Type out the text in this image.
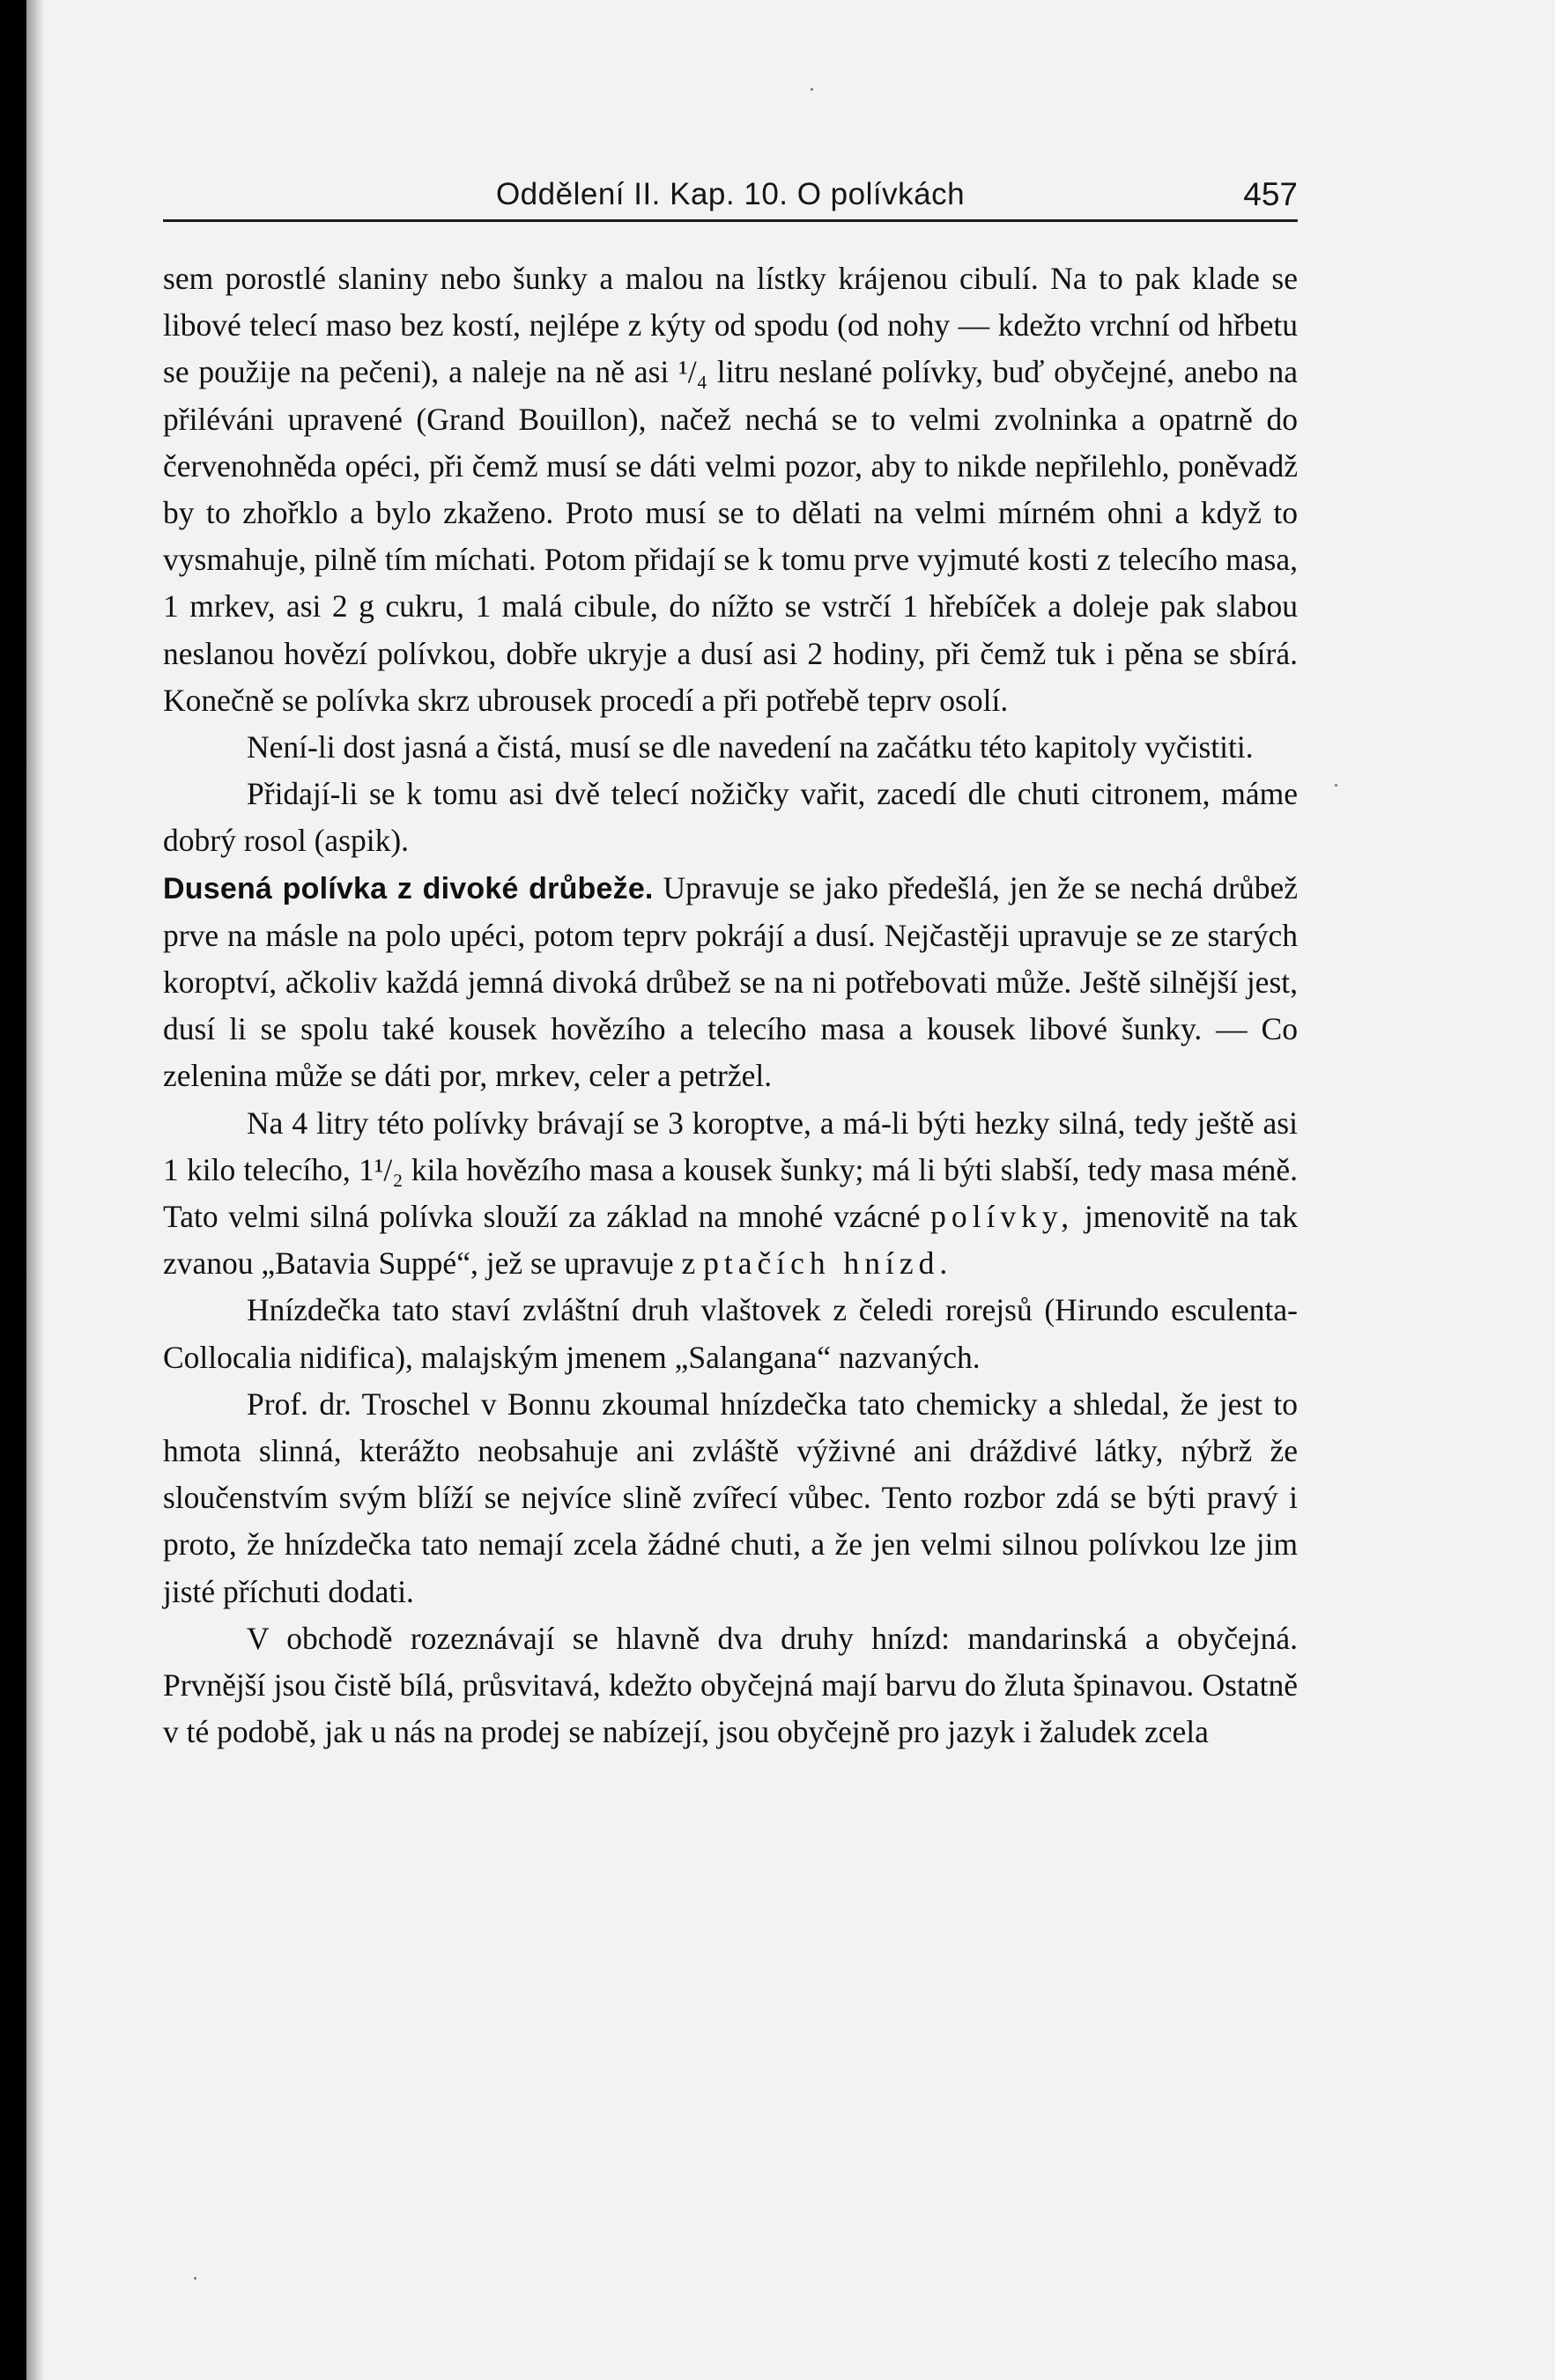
Oddělení II. Kap. 10. O polívkách	457

sem porostlé slaniny nebo šunky a malou na lístky krájenou cibulí. Na to pak klade se libové telecí maso bez kostí, nejlépe z kýty od spodu (od nohy — kdežto vrchní od hřbetu se použije na pečeni), a naleje na ně asi ¹/₄ litru neslané polívky, buď obyčejné, anebo na přiléváni upravené (Grand Bouillon), načež nechá se to velmi zvolninka a opatrně do červenohněda opéci, při čemž musí se dáti velmi pozor, aby to nikde nepřilehlo, poněvadž by to zhořklo a bylo zkaženo. Proto musí se to dělati na velmi mírném ohni a když to vysmahuje, pilně tím míchati. Potom přidají se k tomu prve vyjmuté kosti z telecího masa, 1 mrkev, asi 2 g cukru, 1 malá cibule, do nížto se vstrčí 1 hřebíček a doleje pak slabou neslanou hovězí polívkou, dobře ukryje a dusí asi 2 hodiny, při čemž tuk i pěna se sbírá. Konečně se polívka skrz ubrousek procedí a při potřebě teprv osolí.

Není-li dost jasná a čistá, musí se dle navedení na začátku této kapitoly vyčistiti.

Přidají-li se k tomu asi dvě telecí nožičky vařit, zacedí dle chuti citronem, máme dobrý rosol (aspik).

Dusená polívka z divoké drůbeže. Upravuje se jako předešlá, jen že se nechá drůbež prve na másle na polo upéci, potom teprv pokrájí a dusí. Nejčastěji upravuje se ze starých koroptví, ačkoliv každá jemná divoká drůbež se na ni potřebovati může. Ještě silnější jest, dusí li se spolu také kousek hovězího a telecího masa a kousek libové šunky. — Co zelenina může se dáti por, mrkev, celer a petržel.

Na 4 litry této polívky brávají se 3 koroptve, a má-li býti hezky silná, tedy ještě asi 1 kilo telecího, 1¹/₂ kila hovězího masa a kousek šunky; má li býti slabší, tedy masa méně. Tato velmi silná polívka slouží za základ na mnohé vzácné polívky, jmenovitě na tak zvanou „Batavia Suppé“, jež se upravuje z ptačích hnízd.

Hnízdečka tato staví zvláštní druh vlaštovek z čeledi rorejsů (Hirundo esculenta-Collocalia nidifica), malajským jmenem „Salangana“ nazvaných.

Prof. dr. Troschel v Bonnu zkoumal hnízdečka tato chemicky a shledal, že jest to hmota slinná, kterážto neobsahuje ani zvláště výživné ani dráždivé látky, nýbrž že sloučenstvím svým blíží se nejvíce slině zvířecí vůbec. Tento rozbor zdá se býti pravý i proto, že hnízdečka tato nemají zcela žádné chuti, a že jen velmi silnou polívkou lze jim jisté příchuti dodati.

V obchodě rozeznávají se hlavně dva druhy hnízd: mandarinská a obyčejná. Prvnější jsou čistě bílá, průsvitavá, kdežto obyčejná mají barvu do žluta špinavou. Ostatně v té podobě, jak u nás na prodej se nabízejí, jsou obyčejně pro jazyk i žaludek zcela
